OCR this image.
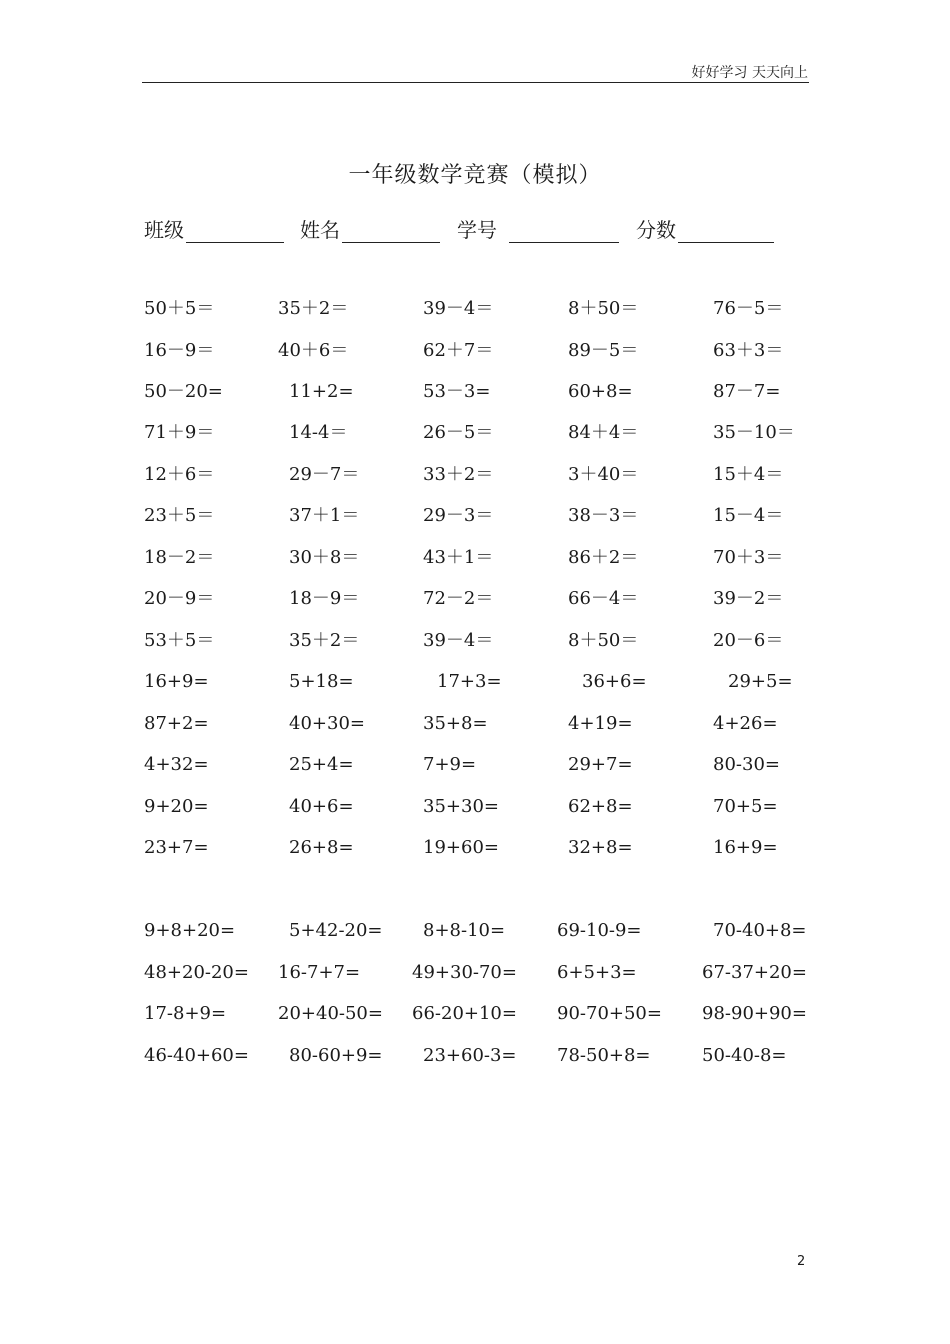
好好学习 天天向上
一年级数学竞赛（模拟）
班级	姓名	学号	分数
50＋5＝	35＋2＝	39－4＝	8＋50＝	76－5＝
16－9＝	40＋6＝	62＋7＝	89－5＝	63＋3＝
50－20=	11+2=	53－3=	60+8=	87－7=
71＋9＝	14-4＝	26－5＝	84＋4＝	35－10＝
12＋6＝	29－7＝	33＋2＝	3＋40＝	15＋4＝
23＋5＝	37＋1＝	29－3＝	38－3＝	15－4＝
18－2＝	30＋8＝	43＋1＝	86＋2＝	70＋3＝
20－9＝	18－9＝	72－2＝	66－4＝	39－2＝
53＋5＝	35＋2＝	39－4＝	8＋50＝	20－6＝
16+9=	5+18=	17+3=	36+6=	29+5=
87+2=	40+30=	35+8=	4+19=	4+26=
4+32=	25+4=	7+9=	29+7=	80-30=
9+20=	40+6=	35+30=	62+8=	70+5=
23+7=	26+8=	19+60=	32+8=	16+9=
9+8+20=	5+42-20= 8+8-10=	69-10-9=	70-40+8=
48+20-20= 16-7+7=	49+30-70= 6+5+3=	67-37+20=
17-8+9=	20+40-50= 66-20+10= 90-70+50= 98-90+90=
46-40+60= 80-60+9= 23+60-3= 78-50+8=	50-40-8=
2
